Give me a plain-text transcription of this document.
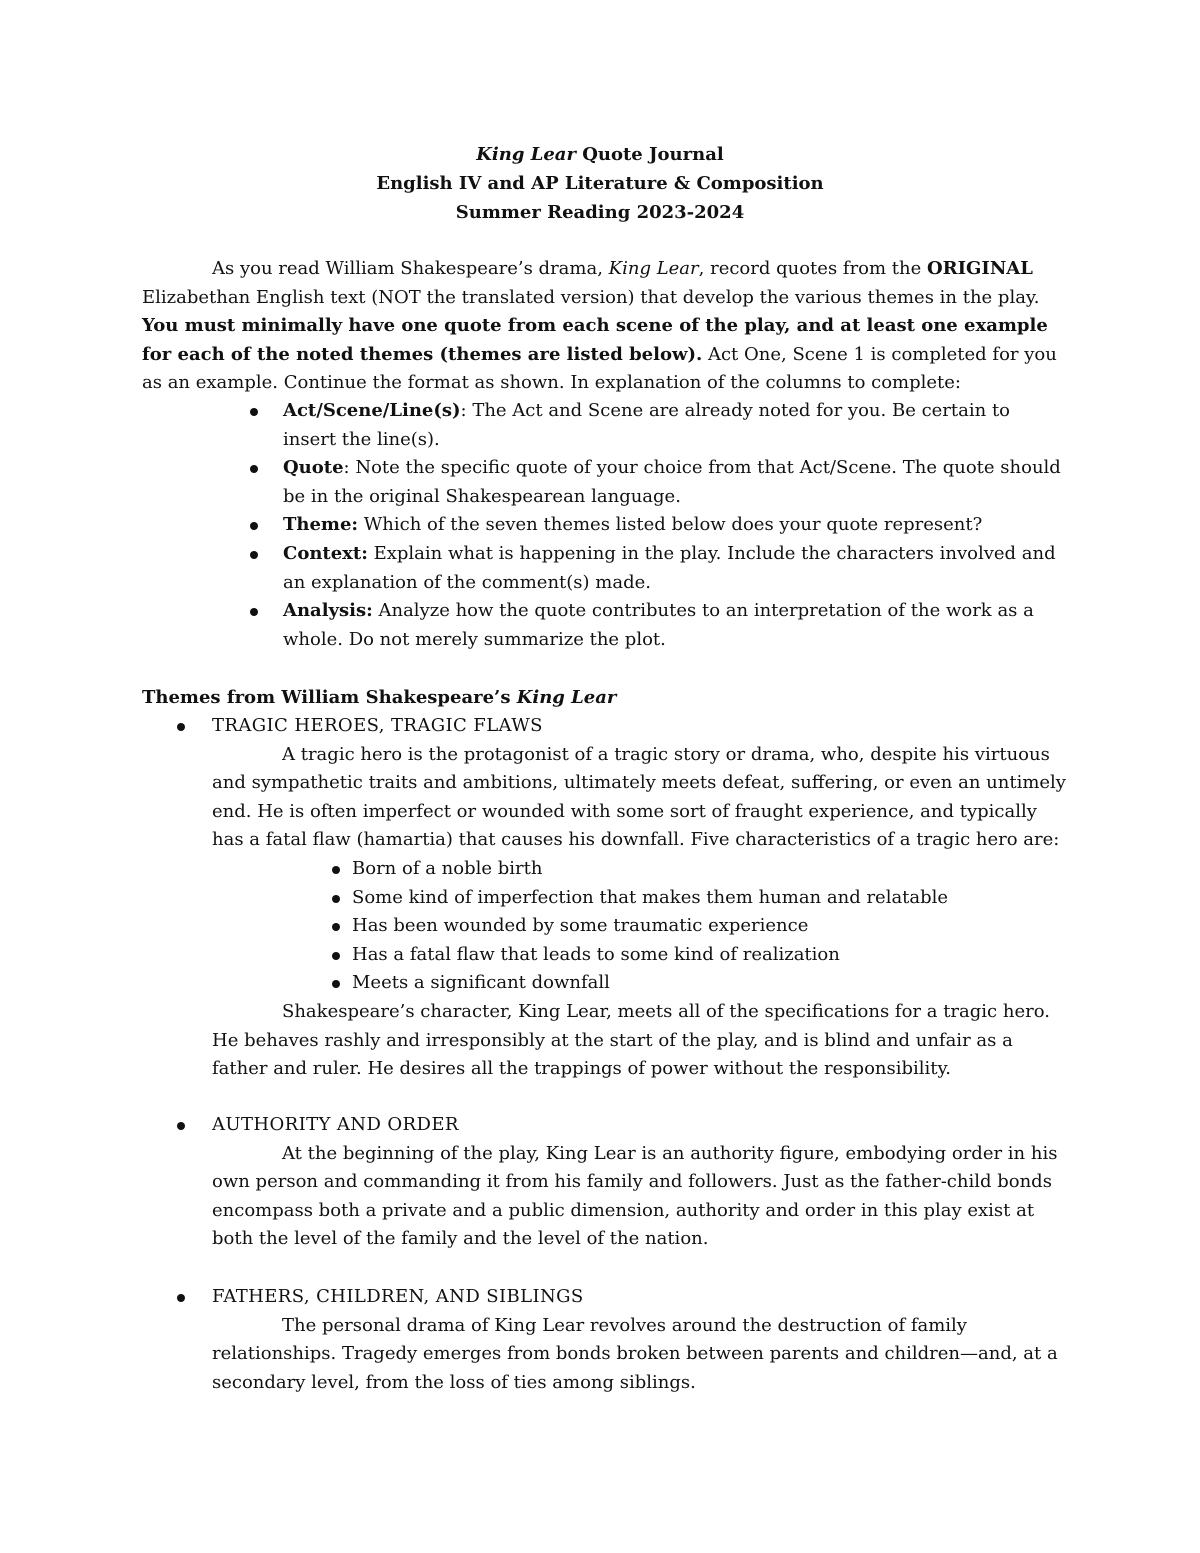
King Lear Quote Journal
English IV and AP Literature & Composition
Summer Reading 2023-2024
As you read William Shakespeare’s drama, King Lear, record quotes from the ORIGINAL Elizabethan English text (NOT the translated version) that develop the various themes in the play. You must minimally have one quote from each scene of the play, and at least one example for each of the noted themes (themes are listed below). Act One, Scene 1 is completed for you as an example. Continue the format as shown. In explanation of the columns to complete:
Act/Scene/Line(s): The Act and Scene are already noted for you. Be certain to insert the line(s).
Quote: Note the specific quote of your choice from that Act/Scene. The quote should be in the original Shakespearean language.
Theme: Which of the seven themes listed below does your quote represent?
Context: Explain what is happening in the play. Include the characters involved and an explanation of the comment(s) made.
Analysis: Analyze how the quote contributes to an interpretation of the work as a whole. Do not merely summarize the plot.
Themes from William Shakespeare’s King Lear
TRAGIC HEROES, TRAGIC FLAWS
A tragic hero is the protagonist of a tragic story or drama, who, despite his virtuous and sympathetic traits and ambitions, ultimately meets defeat, suffering, or even an untimely end. He is often imperfect or wounded with some sort of fraught experience, and typically has a fatal flaw (hamartia) that causes his downfall. Five characteristics of a tragic hero are:
Born of a noble birth
Some kind of imperfection that makes them human and relatable
Has been wounded by some traumatic experience
Has a fatal flaw that leads to some kind of realization
Meets a significant downfall
Shakespeare’s character, King Lear, meets all of the specifications for a tragic hero. He behaves rashly and irresponsibly at the start of the play, and is blind and unfair as a father and ruler. He desires all the trappings of power without the responsibility.
AUTHORITY AND ORDER
At the beginning of the play, King Lear is an authority figure, embodying order in his own person and commanding it from his family and followers. Just as the father-child bonds encompass both a private and a public dimension, authority and order in this play exist at both the level of the family and the level of the nation.
FATHERS, CHILDREN, AND SIBLINGS
The personal drama of King Lear revolves around the destruction of family relationships. Tragedy emerges from bonds broken between parents and children—and, at a secondary level, from the loss of ties among siblings.
